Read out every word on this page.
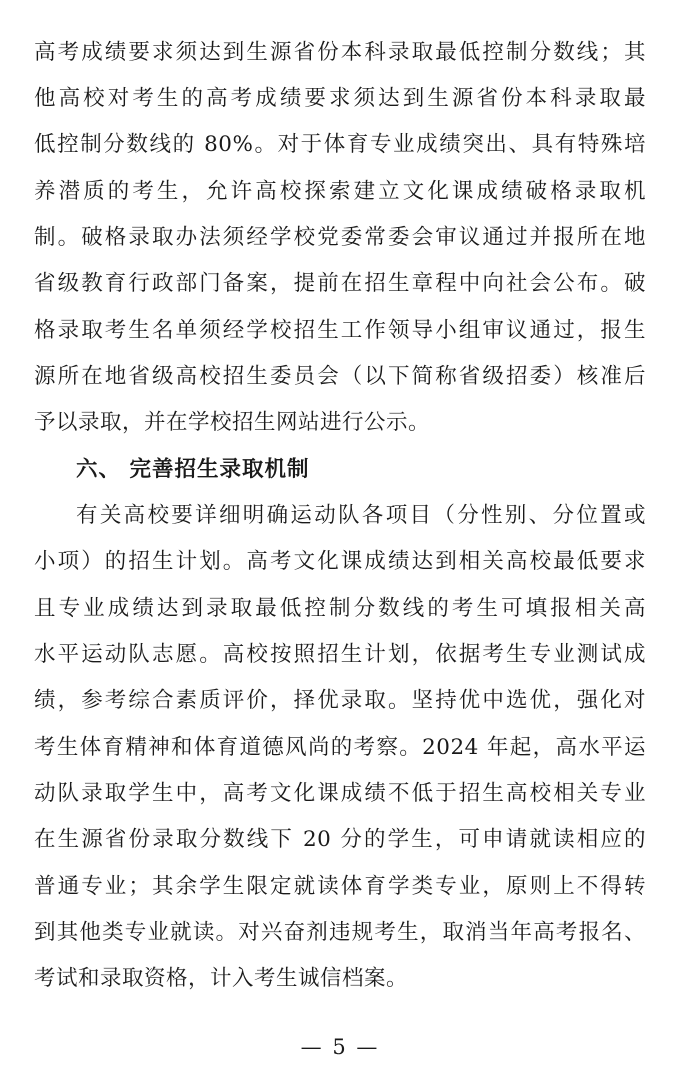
高考成绩要求须达到生源省份本科录取最低控制分数线；其
他高校对考生的高考成绩要求须达到生源省份本科录取最
低控制分数线的 80%。对于体育专业成绩突出、具有特殊培
养潜质的考生，允许高校探索建立文化课成绩破格录取机
制。破格录取办法须经学校党委常委会审议通过并报所在地
省级教育行政部门备案，提前在招生章程中向社会公布。破
格录取考生名单须经学校招生工作领导小组审议通过，报生
源所在地省级高校招生委员会（以下简称省级招委）核准后
予以录取，并在学校招生网站进行公示。
六、 完善招生录取机制
有关高校要详细明确运动队各项目（分性别、分位置或
小项）的招生计划。高考文化课成绩达到相关高校最低要求
且专业成绩达到录取最低控制分数线的考生可填报相关高
水平运动队志愿。高校按照招生计划，依据考生专业测试成
绩，参考综合素质评价，择优录取。坚持优中选优，强化对
考生体育精神和体育道德风尚的考察。2024 年起，高水平运
动队录取学生中，高考文化课成绩不低于招生高校相关专业
在生源省份录取分数线下 20 分的学生，可申请就读相应的
普通专业；其余学生限定就读体育学类专业，原则上不得转
到其他类专业就读。对兴奋剂违规考生，取消当年高考报名、
考试和录取资格，计入考生诚信档案。
— 5 —
